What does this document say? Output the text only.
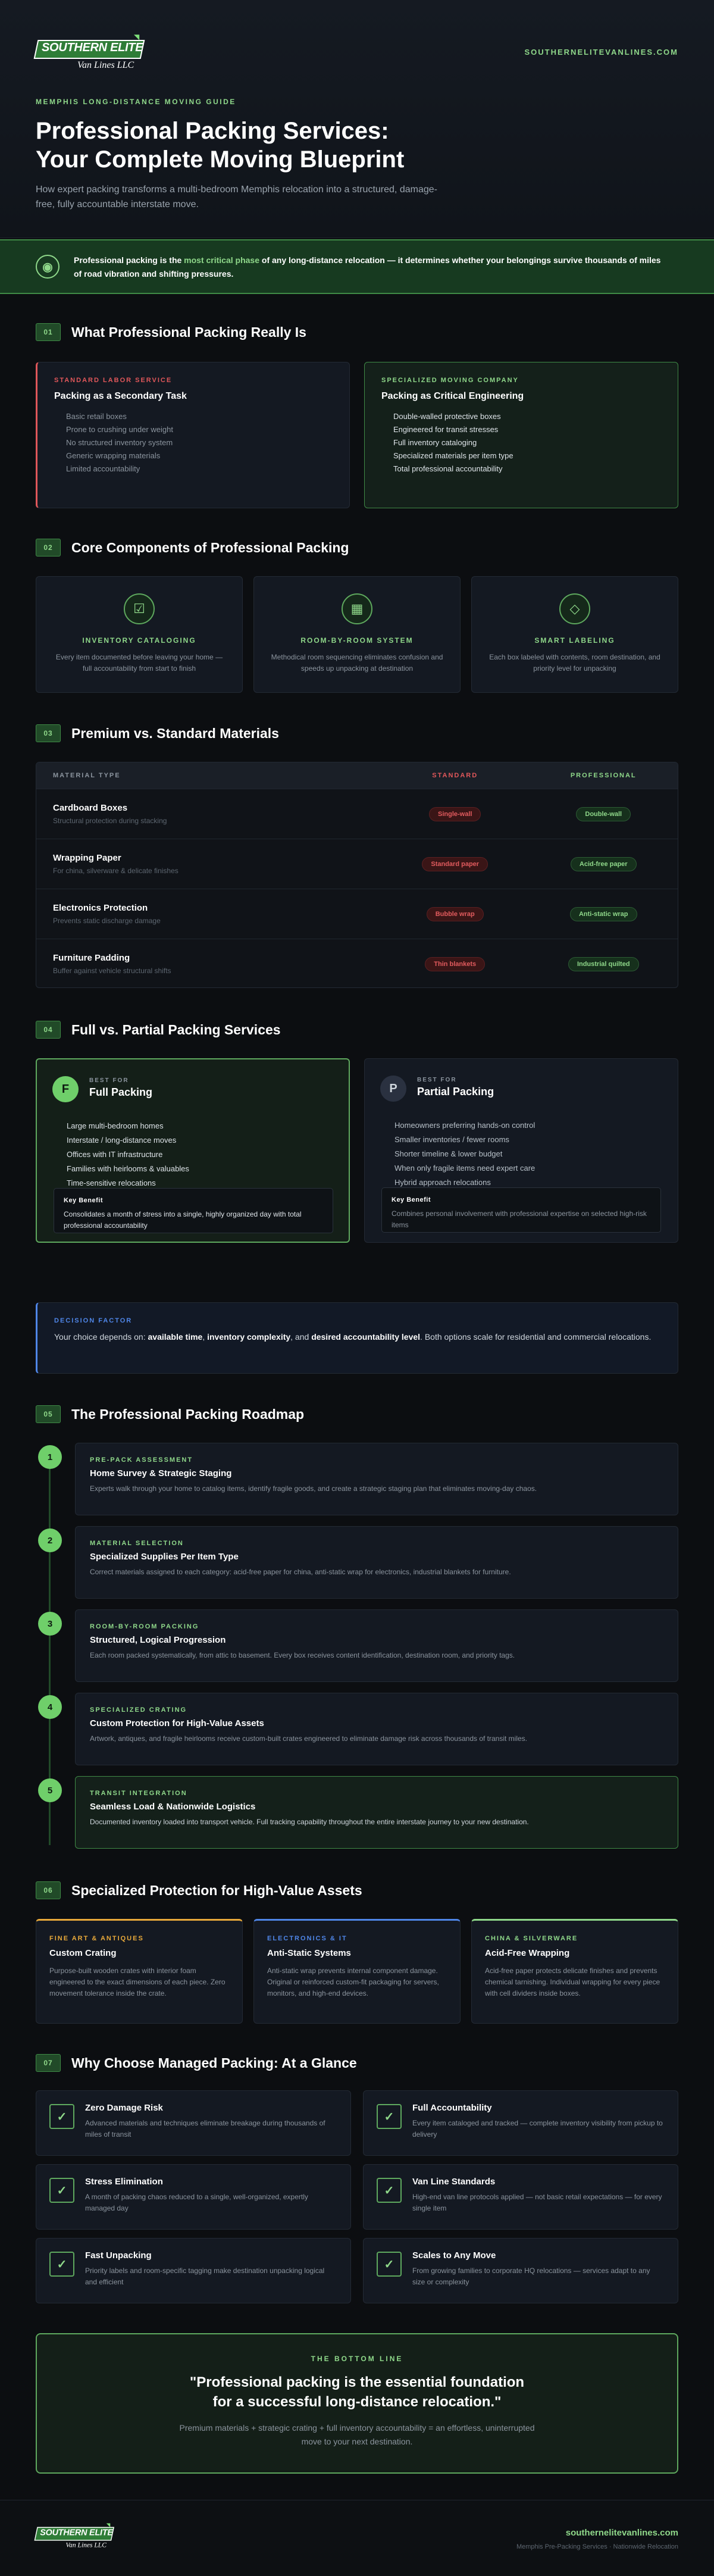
SOUTHERN ELITE
Van Lines LLC
◥
SOUTHERNELITEVANLINES.COM
MEMPHIS LONG-DISTANCE MOVING GUIDE
Professional Packing Services:
Your Complete Moving Blueprint
How expert packing transforms a multi-bedroom Memphis relocation into a structured, damage-free, fully accountable interstate move.
◉
Professional packing is the most critical phase of any long-distance relocation — it determines whether your belongings survive thousands of miles of road vibration and shifting pressures.
01	What Professional Packing Really Is
STANDARD LABOR SERVICE
Packing as a Secondary Task
Basic retail boxes
Prone to crushing under weight
No structured inventory system
Generic wrapping materials
Limited accountability
SPECIALIZED MOVING COMPANY
Packing as Critical Engineering
Double-walled protective boxes
Engineered for transit stresses
Full inventory cataloging
Specialized materials per item type
Total professional accountability
02	Core Components of Professional Packing
☑
INVENTORY CATALOGING
Every item documented before leaving your home — full accountability from start to finish
▦
ROOM-BY-ROOM SYSTEM
Methodical room sequencing eliminates confusion and speeds up unpacking at destination
◇
SMART LABELING
Each box labeled with contents, room destination, and priority level for unpacking
03	Premium vs. Standard Materials
MATERIAL TYPE	STANDARD	PROFESSIONAL
Cardboard Boxes
Structural protection during stacking
Single-wall	Double-wall
Wrapping Paper
For china, silverware & delicate finishes
Standard paper	Acid-free paper
Electronics Protection
Prevents static discharge damage
Bubble wrap	Anti-static wrap
Furniture Padding
Buffer against vehicle structural shifts
Thin blankets	Industrial quilted
04	Full vs. Partial Packing Services
F
BEST FOR
Full Packing
Large multi-bedroom homes
Interstate / long-distance moves
Offices with IT infrastructure
Families with heirlooms & valuables
Time-sensitive relocations
Key Benefit
Consolidates a month of stress into a single, highly organized day with total professional accountability
P
BEST FOR
Partial Packing
Homeowners preferring hands-on control
Smaller inventories / fewer rooms
Shorter timeline & lower budget
When only fragile items need expert care
Hybrid approach relocations
Key Benefit
Combines personal involvement with professional expertise on selected high-risk items
DECISION FACTOR
Your choice depends on: available time, inventory complexity, and desired accountability level. Both options scale for residential and commercial relocations.
05	The Professional Packing Roadmap
1	PRE-PACK ASSESSMENT
Home Survey & Strategic Staging
Experts walk through your home to catalog items, identify fragile goods, and create a strategic staging plan that eliminates moving-day chaos.
2	MATERIAL SELECTION
Specialized Supplies Per Item Type
Correct materials assigned to each category: acid-free paper for china, anti-static wrap for electronics, industrial blankets for furniture.
3	ROOM-BY-ROOM PACKING
Structured, Logical Progression
Each room packed systematically, from attic to basement. Every box receives content identification, destination room, and priority tags.
4	SPECIALIZED CRATING
Custom Protection for High-Value Assets
Artwork, antiques, and fragile heirlooms receive custom-built crates engineered to eliminate damage risk across thousands of transit miles.
5	TRANSIT INTEGRATION
Seamless Load & Nationwide Logistics
Documented inventory loaded into transport vehicle. Full tracking capability throughout the entire interstate journey to your new destination.
06	Specialized Protection for High-Value Assets
FINE ART & ANTIQUES
Custom Crating
Purpose-built wooden crates with interior foam engineered to the exact dimensions of each piece. Zero movement tolerance inside the crate.
ELECTRONICS & IT
Anti-Static Systems
Anti-static wrap prevents internal component damage. Original or reinforced custom-fit packaging for servers, monitors, and high-end devices.
CHINA & SILVERWARE
Acid-Free Wrapping
Acid-free paper protects delicate finishes and prevents chemical tarnishing. Individual wrapping for every piece with cell dividers inside boxes.
07	Why Choose Managed Packing: At a Glance
✓
Zero Damage Risk
Advanced materials and techniques eliminate breakage during thousands of miles of transit
✓
Full Accountability
Every item cataloged and tracked — complete inventory visibility from pickup to delivery
✓
Stress Elimination
A month of packing chaos reduced to a single, well-organized, expertly managed day
✓
Van Line Standards
High-end van line protocols applied — not basic retail expectations — for every single item
✓
Fast Unpacking
Priority labels and room-specific tagging make destination unpacking logical and efficient
✓
Scales to Any Move
From growing families to corporate HQ relocations — services adapt to any size or complexity
THE BOTTOM LINE
"Professional packing is the essential foundation
for a successful long-distance relocation."
Premium materials + strategic crating + full inventory accountability = an effortless, uninterrupted
move to your next destination.
SOUTHERN ELITE
Van Lines LLC
◥
southernelitevanlines.com
Memphis Pre-Packing Services · Nationwide Relocation
